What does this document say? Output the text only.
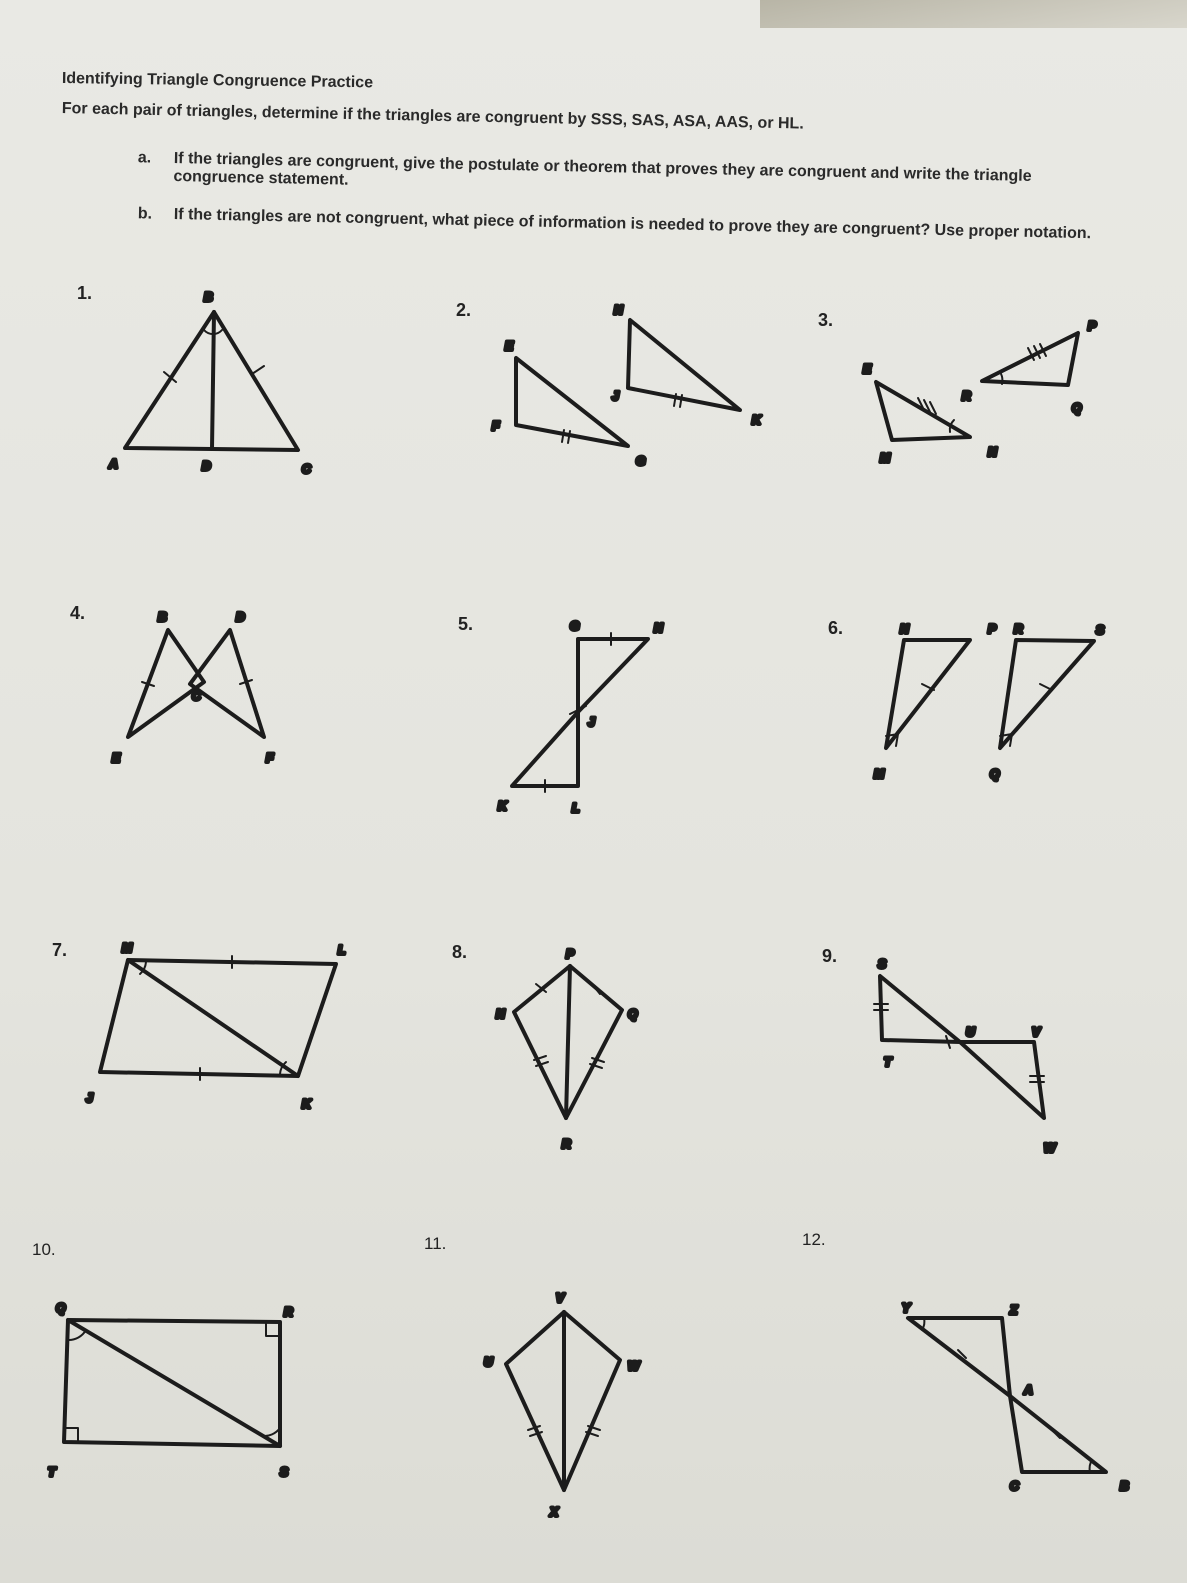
Identifying Triangle Congruence Practice
For each pair of triangles, determine if the triangles are congruent by SSS, SAS, ASA, AAS, or HL.
a. If the triangles are congruent, give the postulate or theorem that proves they are congruent and write the triangle congruence statement.
b. If the triangles are not congruent, what piece of information is needed to prove they are congruent? Use proper notation.
1.
2.	3.
4.
5.	6.
7.	8.	9.
10.	11.	12.
B
A	D	C
E
F
G
H
J
K
E
M	N
R
P
Q
B	D
C
E	F
G	H
J
K	L
N
M
P R	S
Q
M	L
J	K
P
N	Q
R
S
T
U	V
W
Q	R
T	S
V
U	W
X
Y	Z
A
C	B
